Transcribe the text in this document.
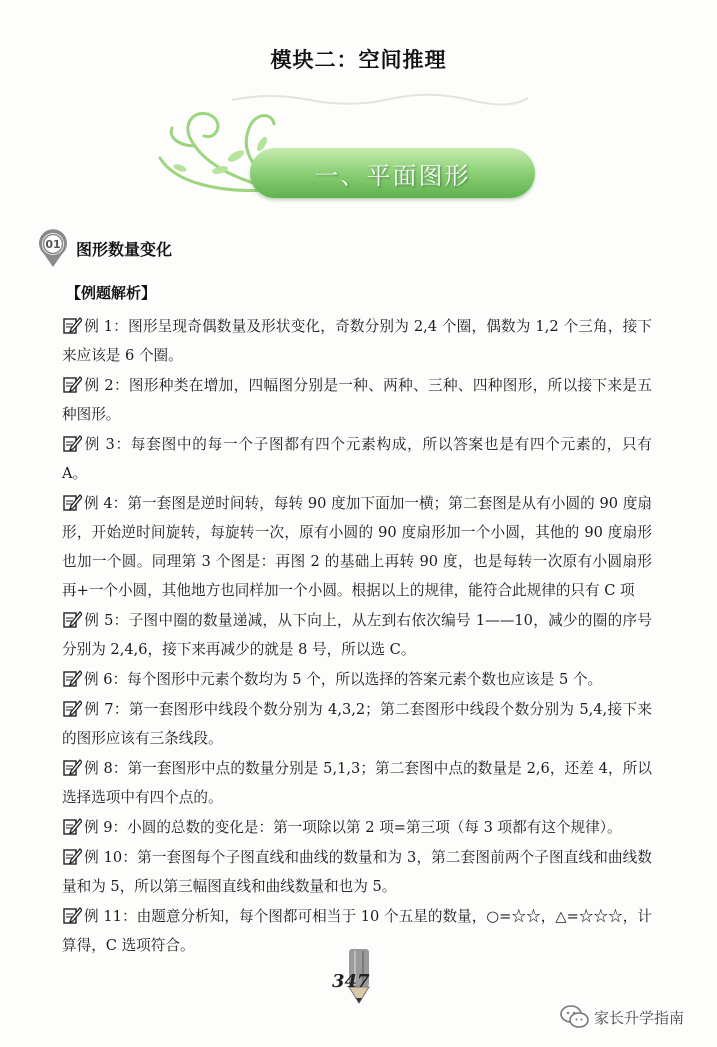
模块二：空间推理
一、平面图形
01 图形数量变化
【例题解析】
例 1：图形呈现奇偶数量及形状变化，奇数分别为 2,4 个圈，偶数为 1,2 个三角，接下来应该是 6 个圈。
例 2：图形种类在增加，四幅图分别是一种、两种、三种、四种图形，所以接下来是五种图形。
例 3：每套图中的每一个子图都有四个元素构成，所以答案也是有四个元素的，只有 A。
例 4：第一套图是逆时间转，每转 90 度加下面加一横；第二套图是从有小圆的 90 度扇形，开始逆时间旋转，每旋转一次，原有小圆的 90 度扇形加一个小圆，其他的 90 度扇形也加一个圆。同理第 3 个图是：再图 2 的基础上再转 90 度，也是每转一次原有小圆扇形再+一个小圆，其他地方也同样加一个小圆。根据以上的规律，能符合此规律的只有 C 项
例 5：子图中圈的数量递减，从下向上，从左到右依次编号 1——10，减少的圈的序号分别为 2,4,6，接下来再减少的就是 8 号，所以选 C。
例 6：每个图形中元素个数均为 5 个，所以选择的答案元素个数也应该是 5 个。
例 7：第一套图形中线段个数分别为 4,3,2；第二套图形中线段个数分别为 5,4,接下来的图形应该有三条线段。
例 8：第一套图形中点的数量分别是 5,1,3；第二套图中点的数量是 2,6，还差 4，所以选择选项中有四个点的。
例 9：小圆的总数的变化是：第一项除以第 2 项=第三项（每 3 项都有这个规律）。
例 10：第一套图每个子图直线和曲线的数量和为 3，第二套图前两个子图直线和曲线数量和为 5，所以第三幅图直线和曲线数量和也为 5。
例 11：由题意分析知，每个图都可相当于 10 个五星的数量，○=☆☆，△=☆☆☆，计算得，C 选项符合。
347
家长升学指南
